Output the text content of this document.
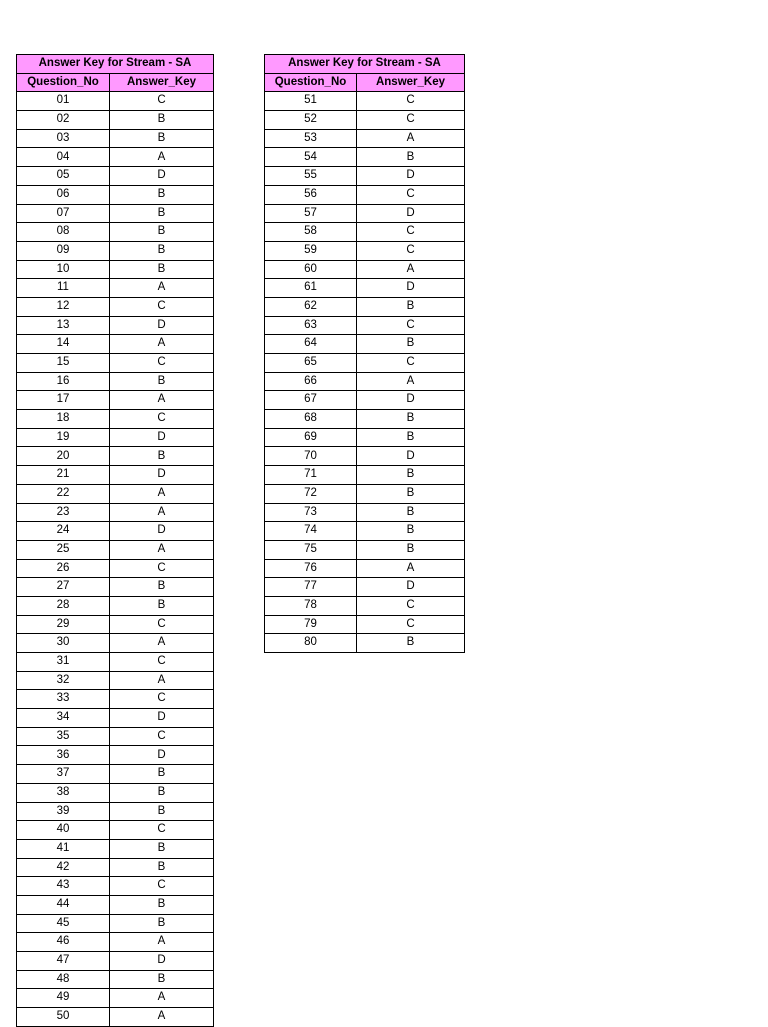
Answer Key for Stream - SA	
Question_No	Answer_Key
01	C
02	B
03	B
04	A
05	D
06	B
07	B
08	B
09	B
10	B
11	A
12	C
13	D
14	A
15	C
16	B
17	A
18	C
19	D
20	B
21	D
22	A
23	A
24	D
25	A
26	C
27	B
28	B
29	C
30	A
31	C
32	A
33	C
34	D
35	C
36	D
37	B
38	B
39	B
40	C
41	B
42	B
43	C
44	B
45	B
46	A
47	D
48	B
49	A
50	A
Answer Key for Stream - SA	
Question_No	Answer_Key
51	C
52	C
53	A
54	B
55	D
56	C
57	D
58	C
59	C
60	A
61	D
62	B
63	C
64	B
65	C
66	A
67	D
68	B
69	B
70	D
71	B
72	B
73	B
74	B
75	B
76	A
77	D
78	C
79	C
80	B
